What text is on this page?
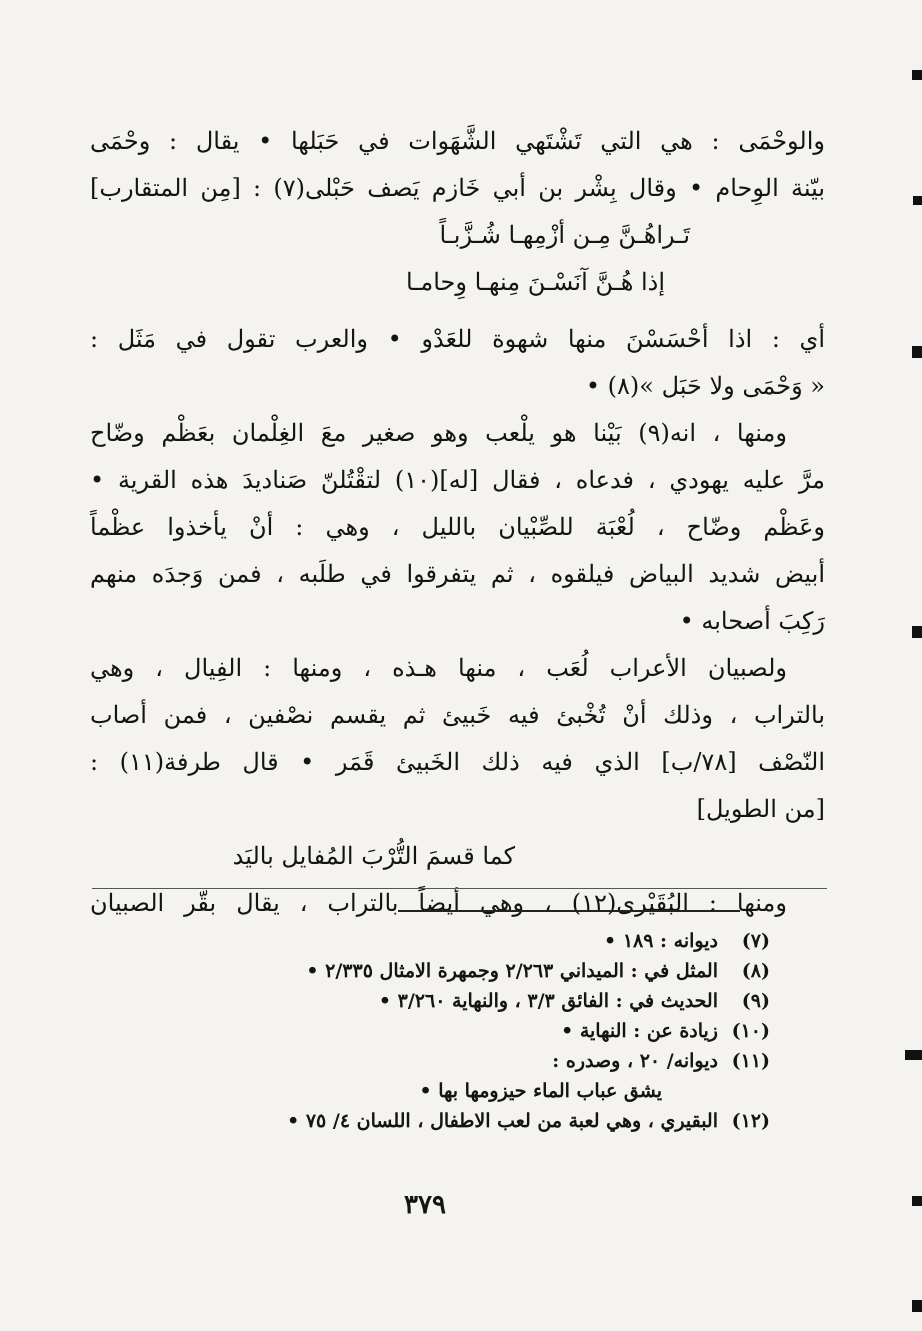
والوحْمَى : هي التي تَشْتَهي الشَّهَوات في حَبَلها • يقال : وحْمَى
بيّنة الوِحام • وقال بِشْر بن أبي خَازم يَصف حَبْلى(٧) : [مِن المتقارب]
تَـراهُـنَّ مِـن أزْمِهـا شُـزَّبـاً
إذا هُـنَّ آنَسْـنَ مِنهـا وِحامـا
أي : اذا أحْسَسْنَ منها شهوة للعَدْو • والعرب تقول في مَثَل :
« وَحْمَى ولا حَبَل »(٨) •
ومنها ، انه(٩) بَيْنا هو يلْعب وهو صغير معَ الغِلْمان بعَظْم وضّاح
مرَّ عليه يهودي ، فدعاه ، فقال [له](١٠) لتقْتُلنّ صَناديدَ هذه القرية •
وعَظْم وضّاح ، لُعْبَة للصِّبْيان بالليل ، وهي : أنْ يأخذوا عظْماً
أبيض شديد البياض فيلقوه ، ثم يتفرقوا في طلَبه ، فمن وَجدَه منهم
رَكِبَ أصحابه •
ولصبيان الأعراب لُعَب ، منها هـذه ، ومنها : الفِيال ، وهي
بالتراب ، وذلك أنْ تُخْبئ فيه خَبيئ ثم يقسم نصْفين ، فمن أصاب
النّصْف [٧٨/ب] الذي فيه ذلك الخَبيئ قَمَر • قال طرفة(١١) :
[من الطويل]
كما قسمَ التُّرْبَ المُفايل باليَد
ومنها : البُقَيْرى(١٢) ، وهي أيضاً بالتراب ، يقال بقّر الصبيان
(٧)
ديوانه : ١٨٩ •
(٨)
المثل في : الميداني ٢/٢٦٣ وجمهرة الامثال ٢/٣٣٥ •
(٩)
الحديث في : الفائق ٣/٣ ، والنهاية ٣/٢٦٠ •
(١٠)
زيادة عن : النهاية •
(١١)
ديوانه/ ٢٠ ، وصدره :
يشق عباب الماء حيزومها بها •
(١٢)
البقيري ، وهي لعبة من لعب الاطفال ، اللسان ٤/ ٧٥ •
٣٧٩
